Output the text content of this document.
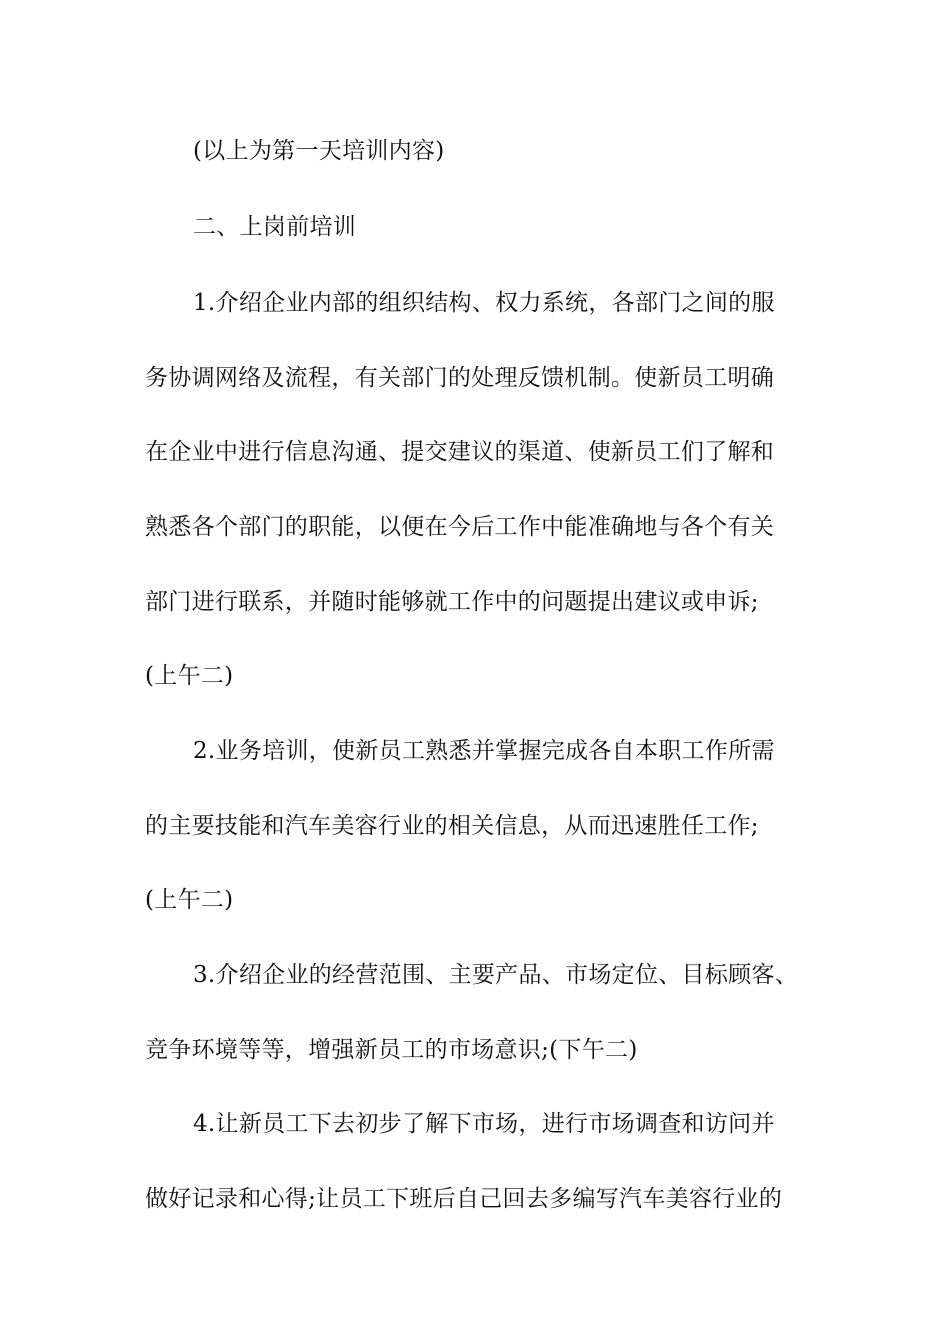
(以上为第一天培训内容)
二、上岗前培训
1.介绍企业内部的组织结构、权力系统，各部门之间的服
务协调网络及流程，有关部门的处理反馈机制。使新员工明确
在企业中进行信息沟通、提交建议的渠道、使新员工们了解和
熟悉各个部门的职能，以便在今后工作中能准确地与各个有关
部门进行联系，并随时能够就工作中的问题提出建议或申诉;
(上午二)
2.业务培训，使新员工熟悉并掌握完成各自本职工作所需
的主要技能和汽车美容行业的相关信息，从而迅速胜任工作;
(上午二)
3.介绍企业的经营范围、主要产品、市场定位、目标顾客、
竞争环境等等，增强新员工的市场意识;(下午二)
4.让新员工下去初步了解下市场，进行市场调查和访问并
做好记录和心得;让员工下班后自己回去多编写汽车美容行业的
